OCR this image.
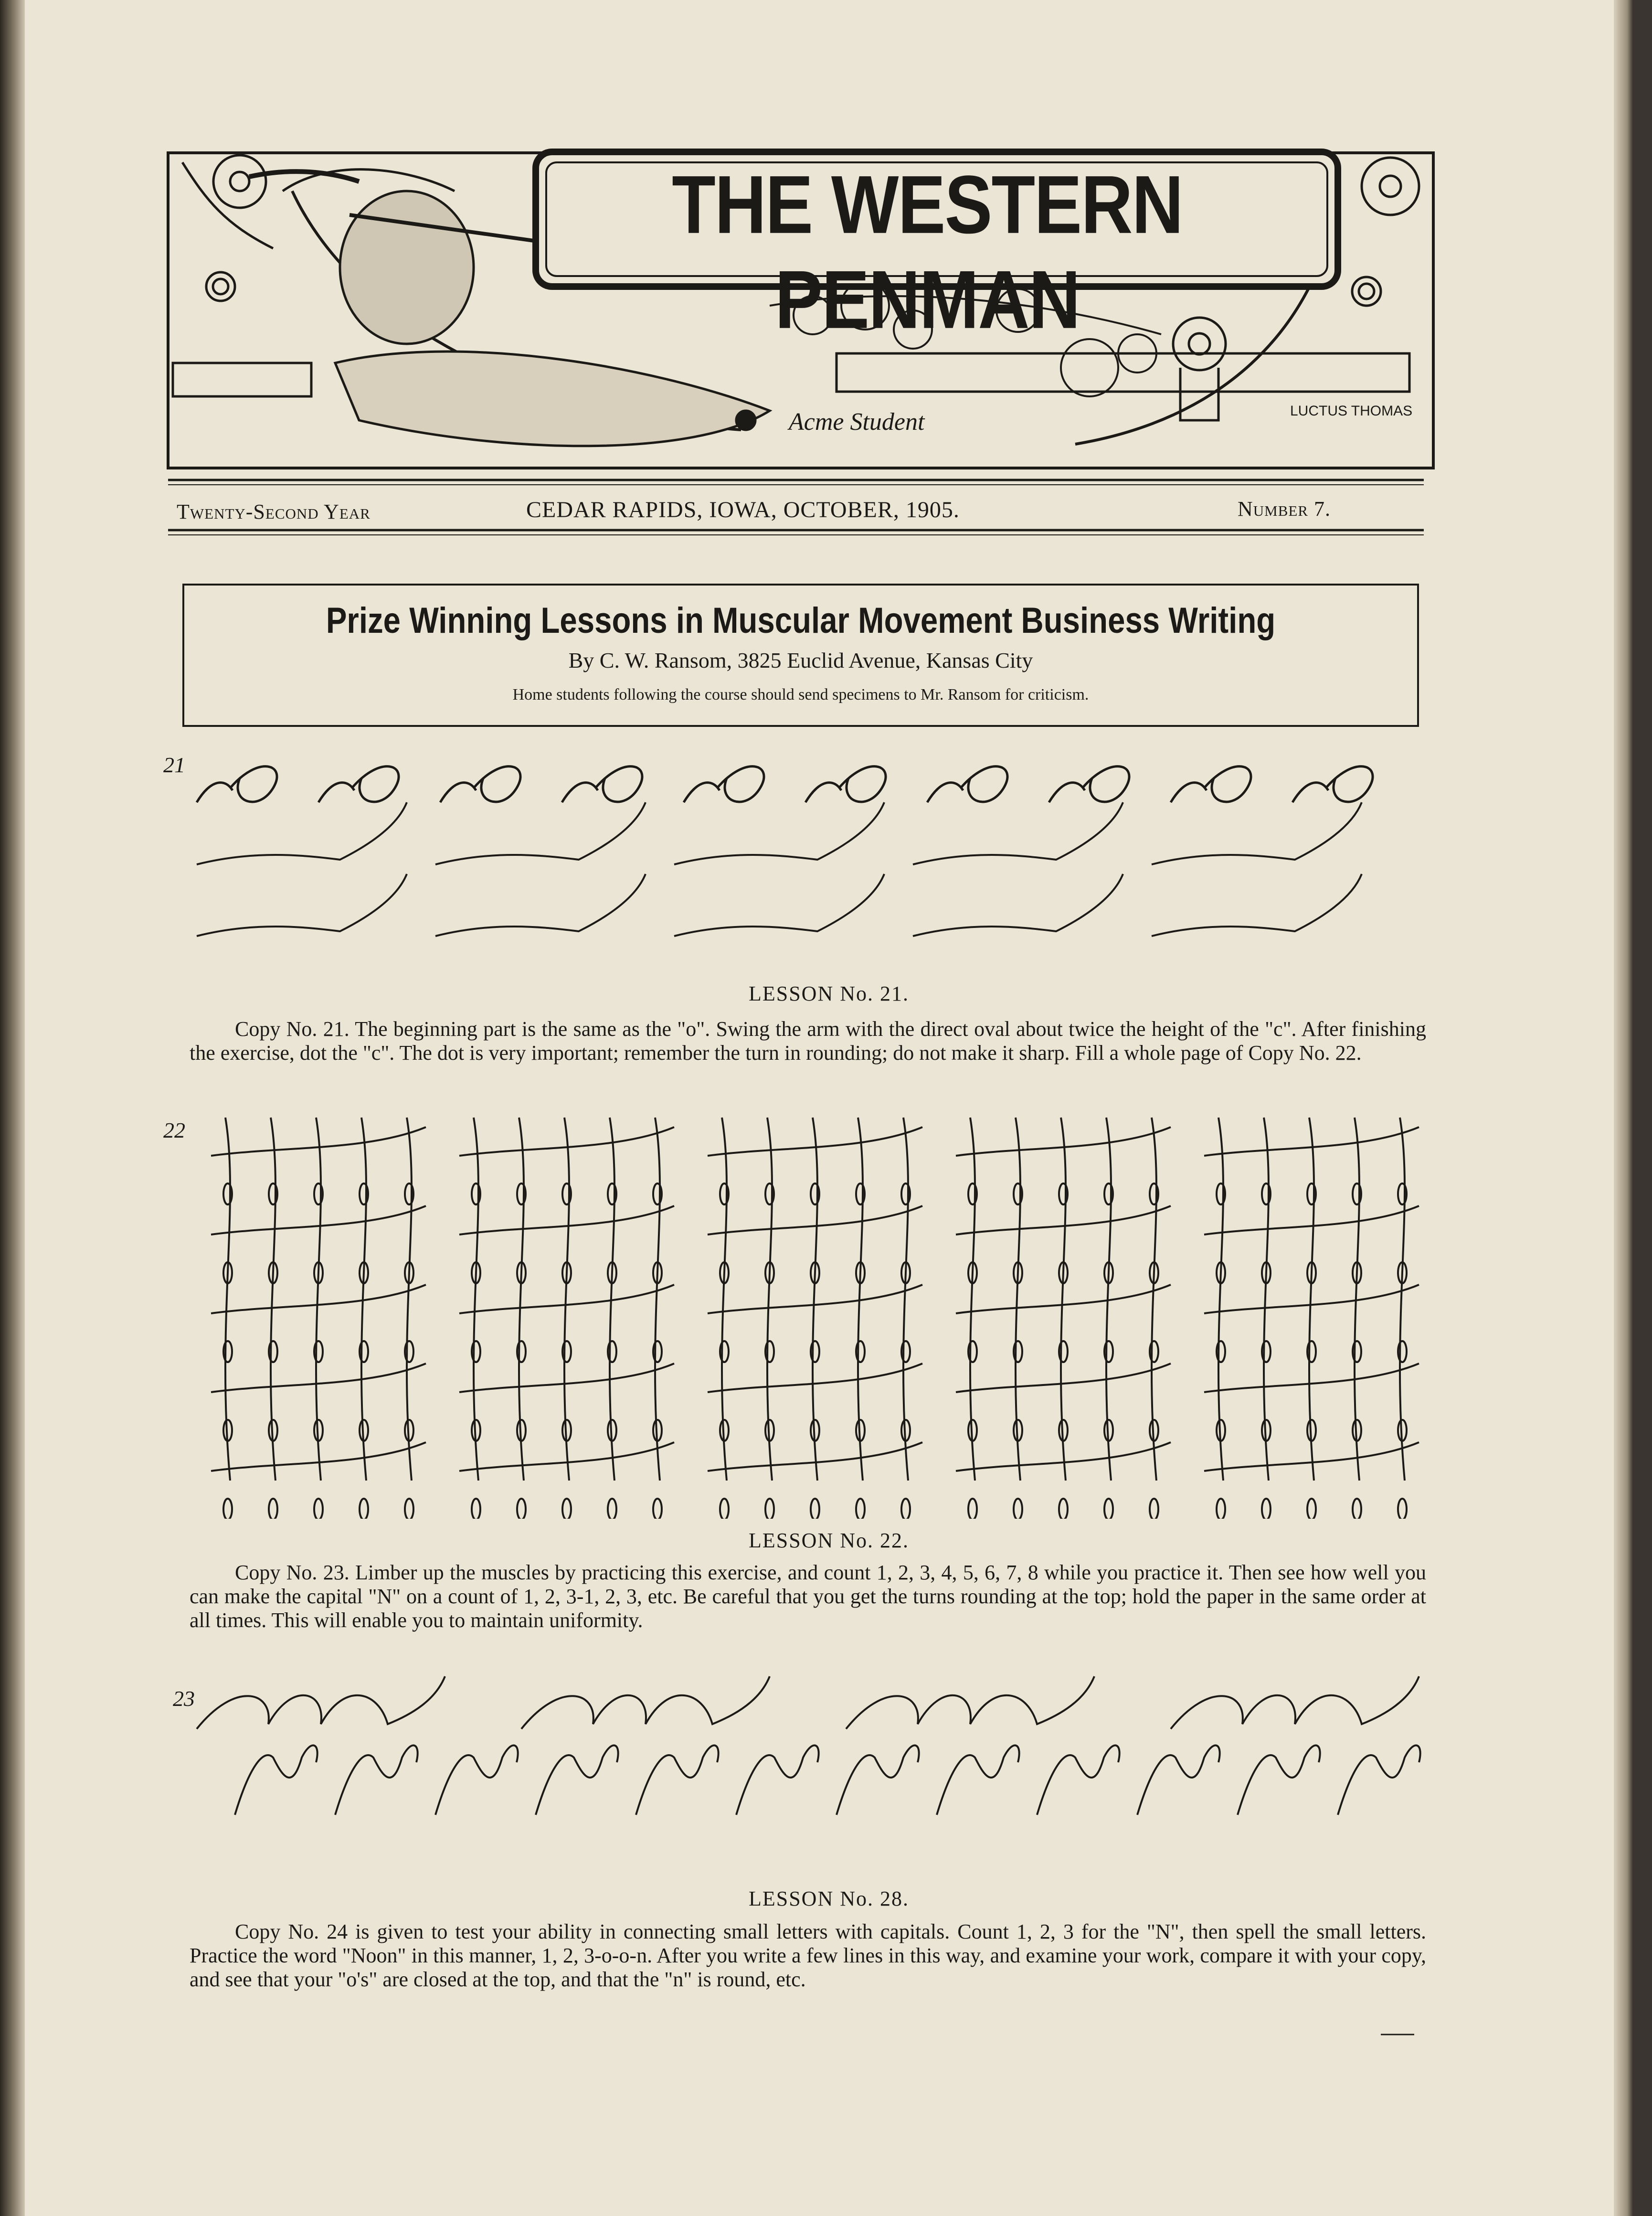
Acme Student	LUCTUS THOMAS
THE WESTERN PENMAN
Twenty-Second Year	CEDAR RAPIDS, IOWA, OCTOBER, 1905.	Number 7.
Prize Winning Lessons in Muscular Movement Business Writing
By C. W. Ransom, 3825 Euclid Avenue, Kansas City
Home students following the course should send specimens to Mr. Ransom for criticism.
21
LESSON No. 21.
Copy No. 21. The beginning part is the same as the "o". Swing the arm with the direct oval about twice the height of the "c". After finishing the exercise, dot the "c". The dot is very important; remember the turn in rounding; do not make it sharp. Fill a whole page of Copy No. 22.
22
LESSON No. 22.
Copy No. 23. Limber up the muscles by practicing this exercise, and count 1, 2, 3, 4, 5, 6, 7, 8 while you practice it. Then see how well you can make the capital "N" on a count of 1, 2, 3-1, 2, 3, etc. Be careful that you get the turns rounding at the top; hold the paper in the same order at all times. This will enable you to maintain uniformity.
23
LESSON No. 28.
Copy No. 24 is given to test your ability in connecting small letters with capitals. Count 1, 2, 3 for the "N", then spell the small letters. Practice the word "Noon" in this manner, 1, 2, 3-o-o-n. After you write a few lines in this way, and examine your work, compare it with your copy, and see that your "o's" are closed at the top, and that the "n" is round, etc.
